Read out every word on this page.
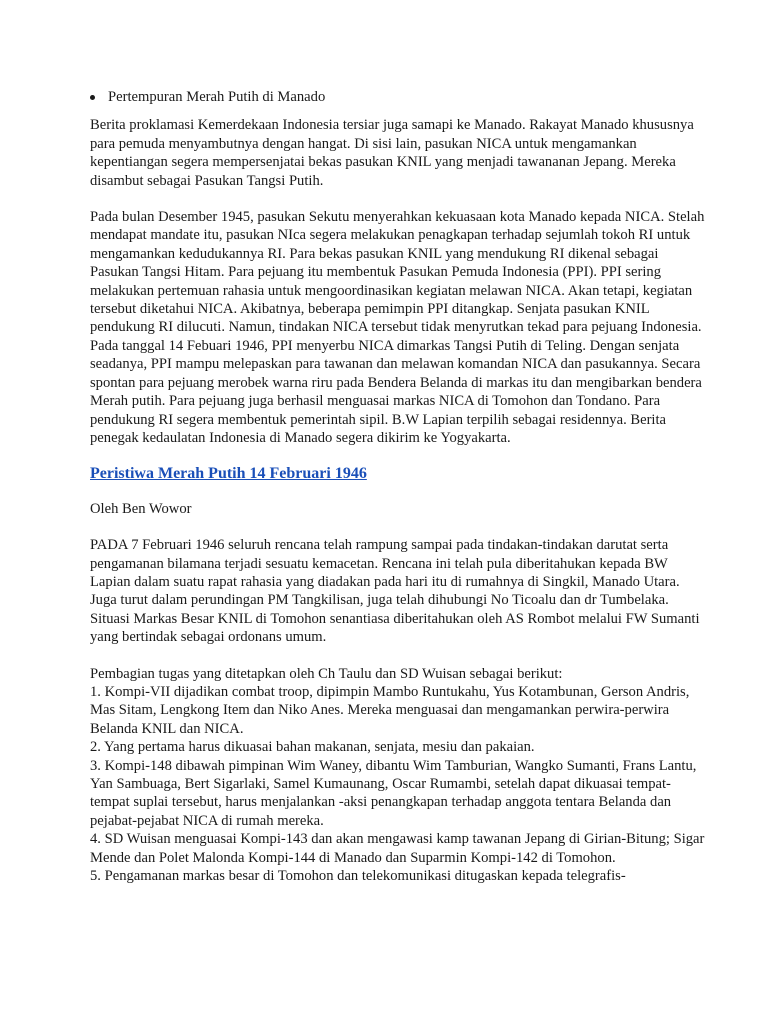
Pertempuran Merah Putih di Manado

Berita proklamasi Kemerdekaan Indonesia tersiar juga samapi ke Manado. Rakayat Manado khususnya para pemuda menyambutnya dengan hangat. Di sisi lain, pasukan NICA untuk mengamankan kepentiangan segera mempersenjatai bekas pasukan KNIL yang menjadi tawananan Jepang. Mereka disambut sebagai Pasukan Tangsi Putih.

Pada bulan Desember 1945, pasukan Sekutu menyerahkan kekuasaan kota Manado kepada NICA. Stelah mendapat mandate itu, pasukan NIca segera melakukan penagkapan terhadap sejumlah tokoh RI untuk mengamankan kedudukannya RI. Para bekas pasukan KNIL yang mendukung RI dikenal sebagai Pasukan Tangsi Hitam. Para pejuang itu membentuk Pasukan Pemuda Indonesia (PPI). PPI sering melakukan pertemuan rahasia untuk mengoordinasikan kegiatan melawan NICA. Akan tetapi, kegiatan tersebut diketahui NICA. Akibatnya, beberapa pemimpin PPI ditangkap. Senjata pasukan KNIL pendukung RI dilucuti. Namun, tindakan NICA tersebut tidak menyrutkan tekad para pejuang Indonesia. Pada tanggal 14 Febuari 1946, PPI menyerbu NICA dimarkas Tangsi Putih di Teling. Dengan senjata seadanya, PPI mampu melepaskan para tawanan dan melawan komandan NICA dan pasukannya. Secara spontan para pejuang merobek warna riru pada Bendera Belanda di markas itu dan mengibarkan bendera Merah putih. Para pejuang juga berhasil menguasai markas NICA di Tomohon dan Tondano. Para pendukung RI segera membentuk pemerintah sipil. B.W Lapian terpilih sebagai residennya. Berita penegak kedaulatan Indonesia di Manado segera dikirim ke Yogyakarta.

Peristiwa Merah Putih 14 Februari 1946

Oleh Ben Wowor

PADA 7 Februari 1946 seluruh rencana telah rampung sampai pada tindakan-tindakan darutat serta pengamanan bilamana terjadi sesuatu kemacetan. Rencana ini telah pula diberitahukan kepada BW Lapian dalam suatu rapat rahasia yang diadakan pada hari itu di rumahnya di Singkil, Manado Utara. Juga turut dalam perundingan PM Tangkilisan, juga telah dihubungi No Ticoalu dan dr Tumbelaka. Situasi Markas Besar KNIL di Tomohon senantiasa diberitahukan oleh AS Rombot melalui FW Sumanti yang bertindak sebagai ordonans umum.

Pembagian tugas yang ditetapkan oleh Ch Taulu dan SD Wuisan sebagai berikut:
1. Kompi-VII dijadikan combat troop, dipimpin Mambo Runtukahu, Yus Kotambunan, Gerson Andris, Mas Sitam, Lengkong Item dan Niko Anes. Mereka menguasai dan mengamankan perwira-perwira Belanda KNIL dan NICA.
2. Yang pertama harus dikuasai bahan makanan, senjata, mesiu dan pakaian.
3. Kompi-148 dibawah pimpinan Wim Waney, dibantu Wim Tamburian, Wangko Sumanti, Frans Lantu, Yan Sambuaga, Bert Sigarlaki, Samel Kumaunang, Oscar Rumambi, setelah dapat dikuasai tempat-tempat suplai tersebut, harus menjalankan -aksi penangkapan terhadap anggota tentara Belanda dan pejabat-pejabat NICA di rumah mereka.
4. SD Wuisan menguasai Kompi-143 dan akan mengawasi kamp tawanan Jepang di Girian-Bitung; Sigar Mende dan Polet Malonda Kompi-144 di Manado dan Suparmin Kompi-142 di Tomohon.
5. Pengamanan markas besar di Tomohon dan telekomunikasi ditugaskan kepada telegrafis-
